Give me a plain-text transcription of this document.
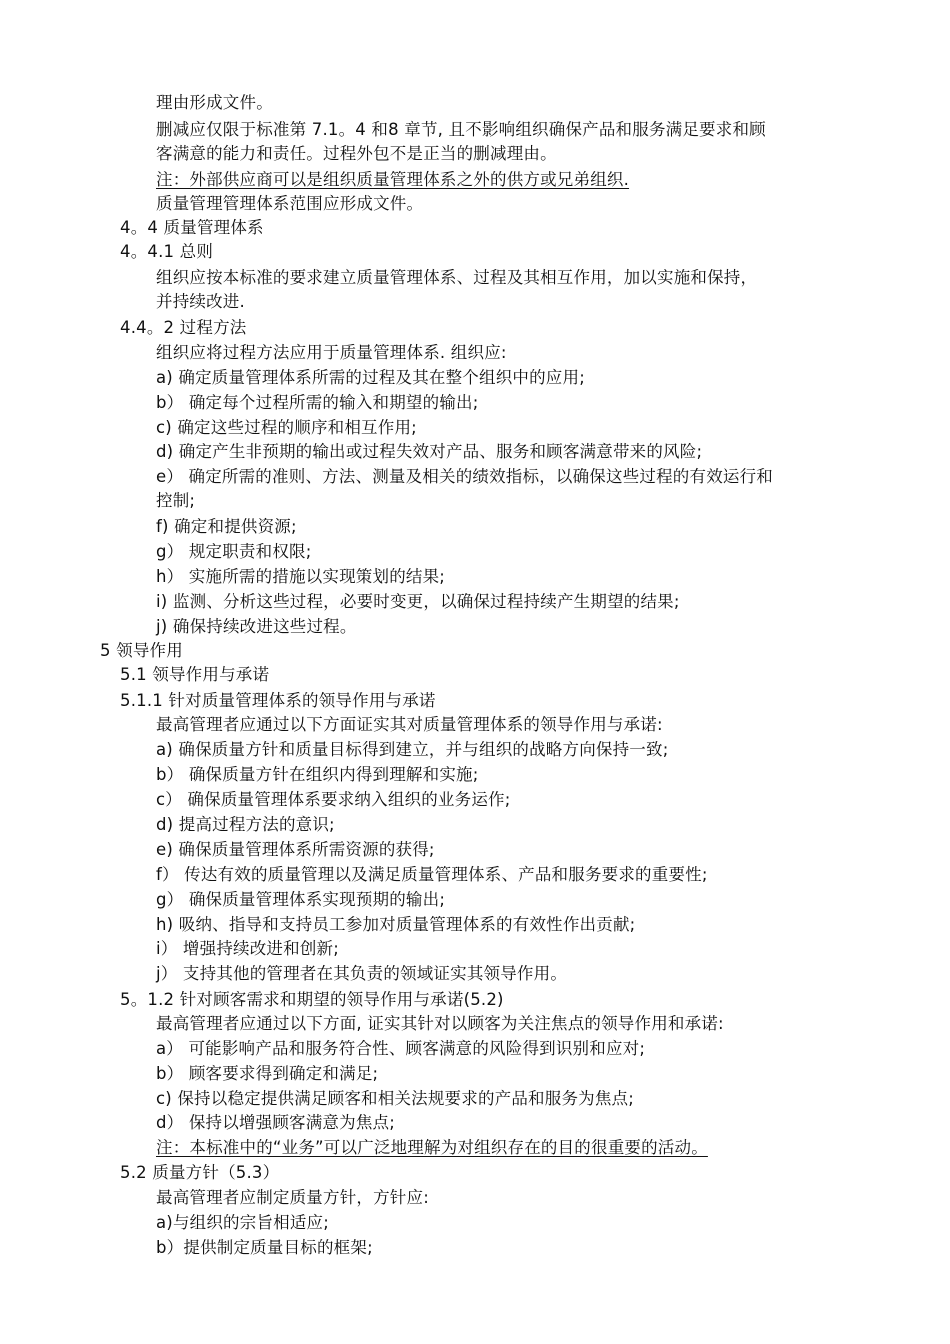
理由形成文件。
删减应仅限于标准第 7.1。4 和8 章节, 且不影响组织确保产品和服务满足要求和顾
客满意的能力和责任。过程外包不是正当的删减理由。
注：外部供应商可以是组织质量管理体系之外的供方或兄弟组织.
质量管理管理体系范围应形成文件。
4。4 质量管理体系
4。4.1 总则
组织应按本标准的要求建立质量管理体系、过程及其相互作用，加以实施和保持，
并持续改进.
4.4。2 过程方法
组织应将过程方法应用于质量管理体系. 组织应:
a) 确定质量管理体系所需的过程及其在整个组织中的应用;
b） 确定每个过程所需的输入和期望的输出;
c) 确定这些过程的顺序和相互作用;
d) 确定产生非预期的输出或过程失效对产品、服务和顾客满意带来的风险;
e） 确定所需的准则、方法、测量及相关的绩效指标，以确保这些过程的有效运行和
控制;
f) 确定和提供资源;
g） 规定职责和权限;
h） 实施所需的措施以实现策划的结果;
i) 监测、分析这些过程，必要时变更，以确保过程持续产生期望的结果;
j) 确保持续改进这些过程。
5 领导作用
5.1 领导作用与承诺
5.1.1 针对质量管理体系的领导作用与承诺
最高管理者应通过以下方面证实其对质量管理体系的领导作用与承诺:
a) 确保质量方针和质量目标得到建立，并与组织的战略方向保持一致;
b） 确保质量方针在组织内得到理解和实施;
c） 确保质量管理体系要求纳入组织的业务运作;
d) 提高过程方法的意识;
e) 确保质量管理体系所需资源的获得;
f） 传达有效的质量管理以及满足质量管理体系、产品和服务要求的重要性;
g） 确保质量管理体系实现预期的输出;
h) 吸纳、指导和支持员工参加对质量管理体系的有效性作出贡献;
i） 增强持续改进和创新;
j） 支持其他的管理者在其负责的领域证实其领导作用。
5。1.2 针对顾客需求和期望的领导作用与承诺(5.2)
最高管理者应通过以下方面, 证实其针对以顾客为关注焦点的领导作用和承诺:
a） 可能影响产品和服务符合性、顾客满意的风险得到识别和应对;
b） 顾客要求得到确定和满足;
c) 保持以稳定提供满足顾客和相关法规要求的产品和服务为焦点;
d） 保持以增强顾客满意为焦点;
注：本标准中的“业务”可以广泛地理解为对组织存在的目的很重要的活动。
5.2 质量方针（5.3）
最高管理者应制定质量方针，方针应:
a)与组织的宗旨相适应;
b）提供制定质量目标的框架;
